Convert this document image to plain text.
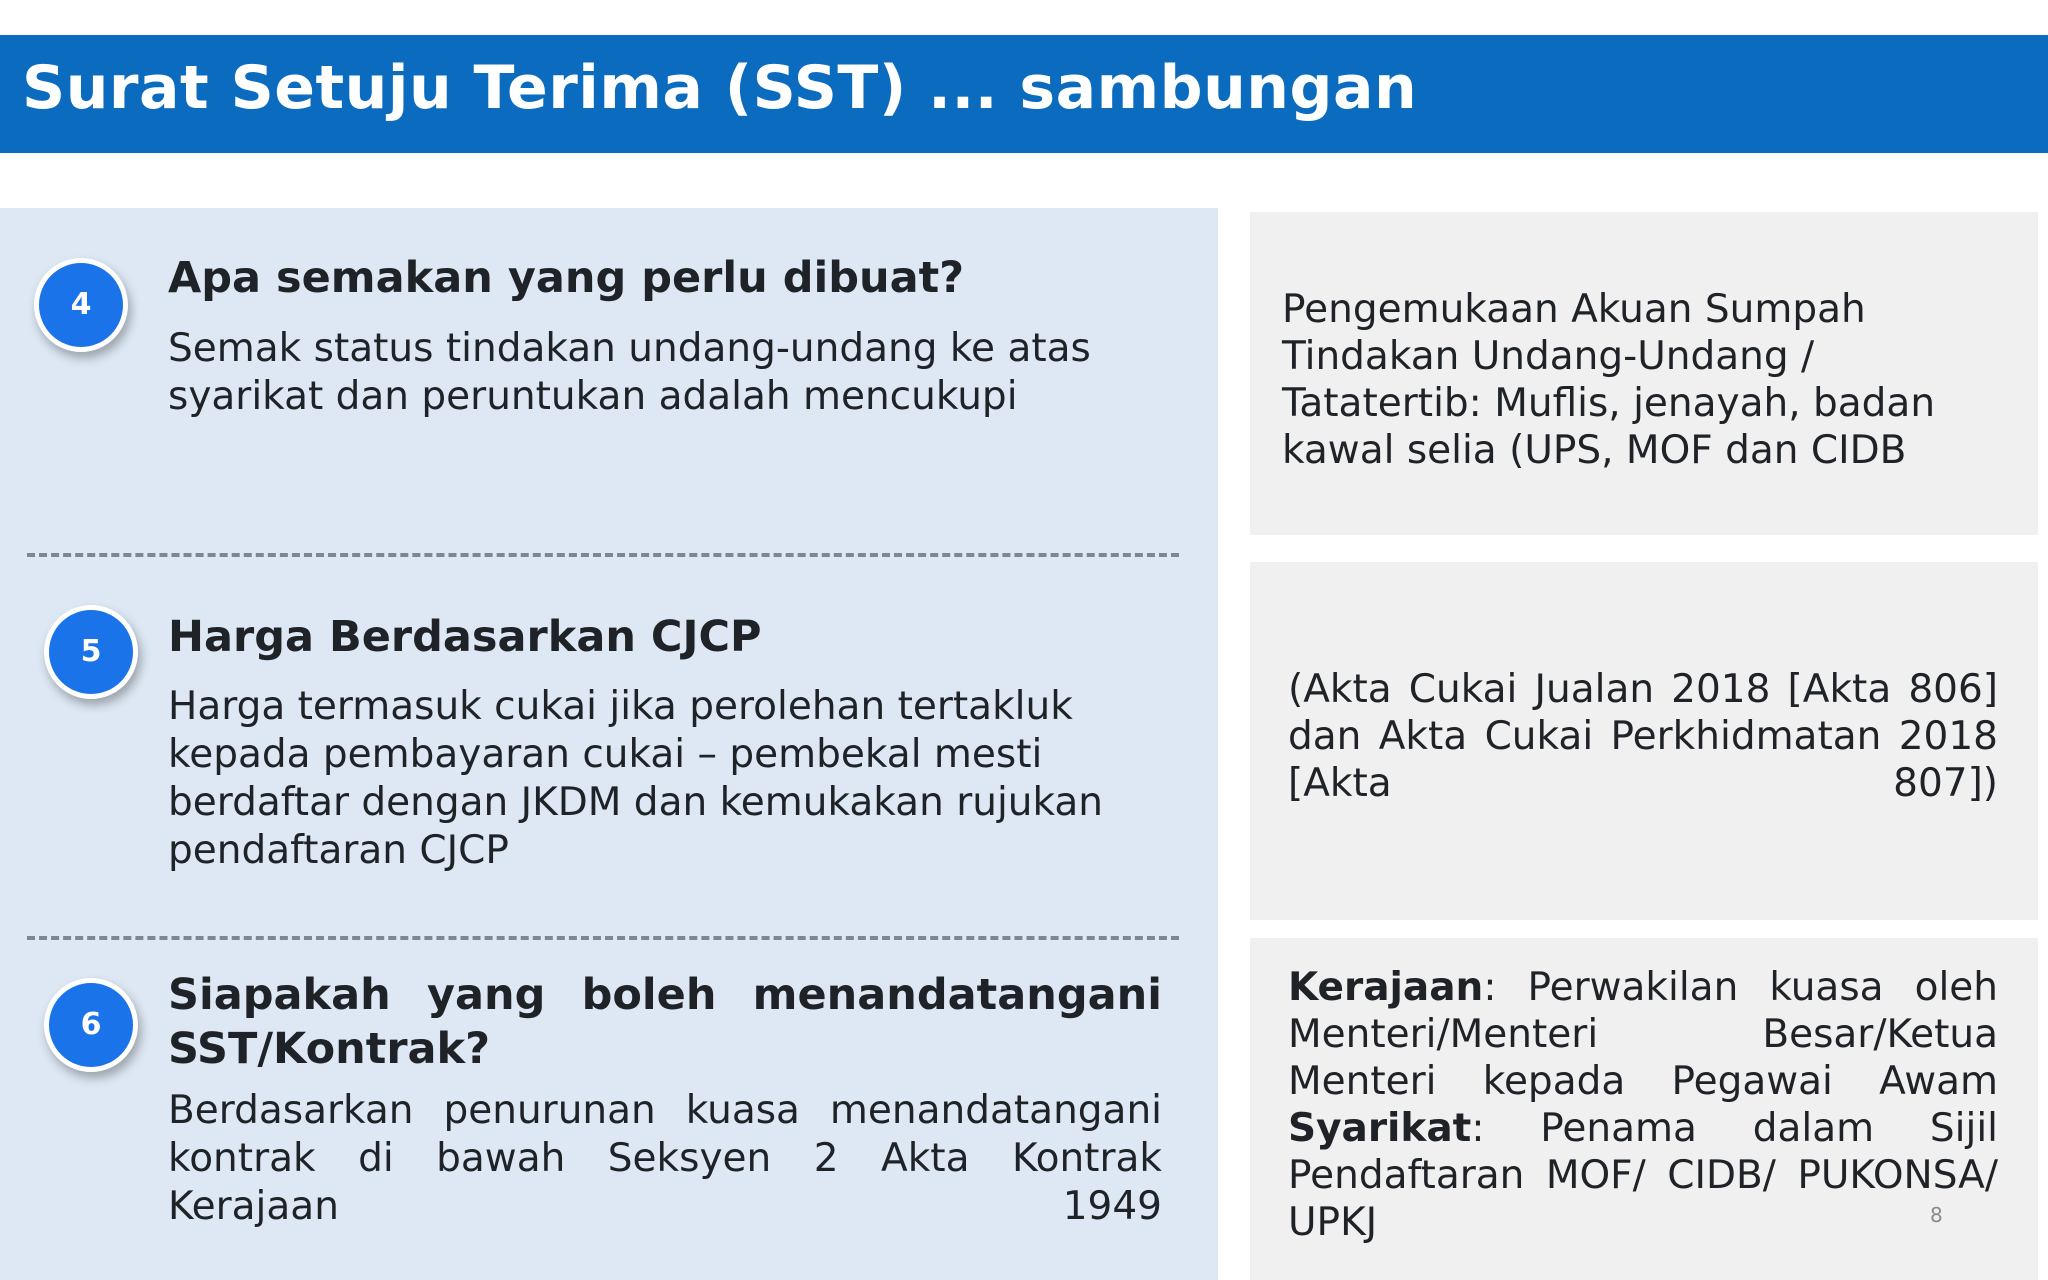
Surat Setuju Terima (SST) ... sambungan
4
Apa semakan yang perlu dibuat?

Semak status tindakan undang-undang ke atas syarikat dan peruntukan adalah mencukupi

5	Harga Berdasarkan CJCP

Harga termasuk cukai jika perolehan tertakluk kepada pembayaran cukai – pembekal mesti berdaftar dengan JKDM dan kemukakan rujukan pendaftaran CJCP

6
Siapakah yang boleh menandatangani SST/Kontrak?

Berdasarkan penurunan kuasa menandatangani kontrak di bawah Seksyen 2 Akta Kontrak Kerajaan 1949

Pengemukaan Akuan Sumpah Tindakan Undang-Undang / Tatatertib: Muflis, jenayah, badan kawal selia (UPS, MOF dan CIDB

(Akta Cukai Jualan 2018 [Akta 806] dan Akta Cukai Perkhidmatan 2018 [Akta 807])

Kerajaan: Perwakilan kuasa oleh Menteri/Menteri Besar/Ketua Menteri kepada Pegawai Awam Syarikat: Penama dalam Sijil Pendaftaran MOF/ CIDB/ PUKONSA/ UPKJ	8
